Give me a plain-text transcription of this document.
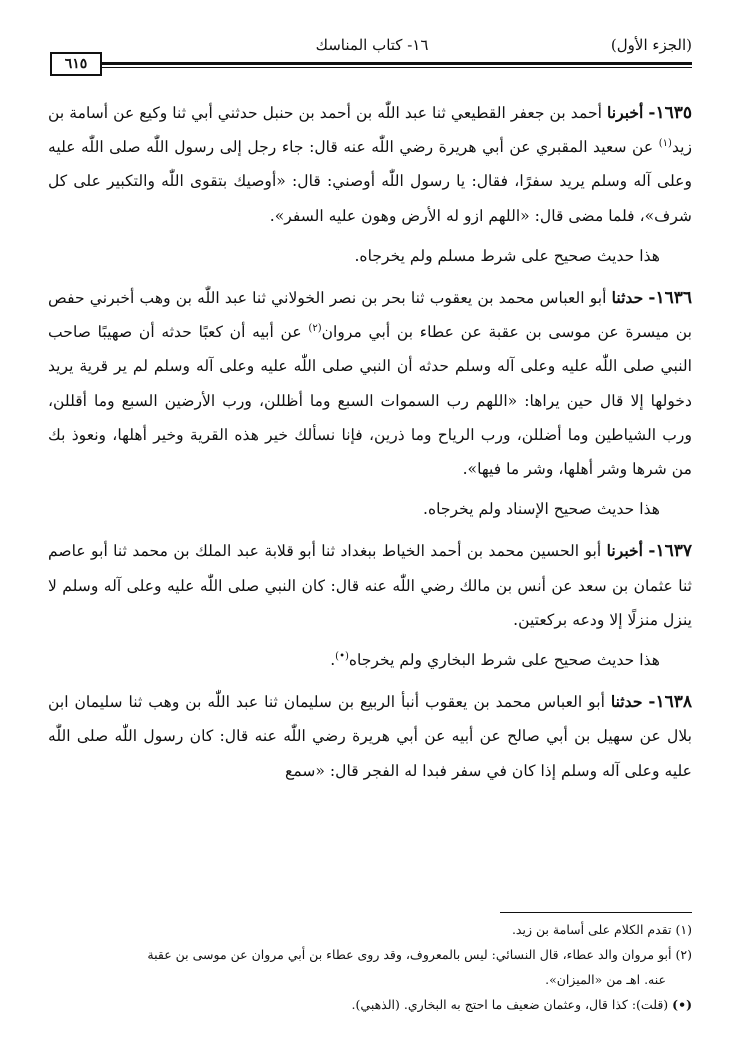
(الجزء الأول)
١٦- كتاب المناسك
٦١٥

١٦٣٥- أخبرنا أحمد بن جعفر القطيعي ثنا عبد اللّٰه بن أحمد بن حنبل حدثني أبي ثنا وكيع عن أسامة بن زيد$^{(١)}$ عن سعيد المقبري عن أبي هريرة رضي اللّٰه عنه قال: جاء رجل إلى رسول اللّٰه صلى اللّٰه عليه وعلى آله وسلم يريد سفرًا، فقال: يا رسول اللّٰه أوصني: قال: «أوصيك بتقوى اللّٰه والتكبير على كل شرف»، فلما مضى قال: «اللهم ازو له الأرض وهون عليه السفر».

هذا حديث صحيح على شرط مسلم ولم يخرجاه.

١٦٣٦- حدثنا أبو العباس محمد بن يعقوب ثنا بحر بن نصر الخولاني ثنا عبد اللّٰه بن وهب أخبرني حفص بن ميسرة عن موسى بن عقبة عن عطاء بن أبي مروان$^{(٢)}$ عن أبيه أن كعبًا حدثه أن صهيبًا صاحب النبي صلى اللّٰه عليه وعلى آله وسلم حدثه أن النبي صلى اللّٰه عليه وعلى آله وسلم لم ير قرية يريد دخولها إلا قال حين يراها: «اللهم رب السموات السبع وما أظللن، ورب الأرضين السبع وما أقللن، ورب الشياطين وما أضللن، ورب الرياح وما ذرين، فإنا نسألك خير هذه القرية وخير أهلها، ونعوذ بك من شرها وشر أهلها، وشر ما فيها».

هذا حديث صحيح الإسناد ولم يخرجاه.

١٦٣٧- أخبرنا أبو الحسين محمد بن أحمد الخياط ببغداد ثنا أبو قلابة عبد الملك بن محمد ثنا أبو عاصم ثنا عثمان بن سعد عن أنس بن مالك رضي اللّٰه عنه قال: كان النبي صلى اللّٰه عليه وعلى آله وسلم لا ينزل منزلًا إلا ودعه بركعتين.

هذا حديث صحيح على شرط البخاري ولم يخرجاه(•).

١٦٣٨- حدثنا أبو العباس محمد بن يعقوب أنبأ الربيع بن سليمان ثنا عبد اللّٰه بن وهب ثنا سليمان ابن بلال عن سهيل بن أبي صالح عن أبيه عن أبي هريرة رضي اللّٰه عنه قال: كان رسول اللّٰه صلى اللّٰه عليه وعلى آله وسلم إذا كان في سفر فبدا له الفجر قال: «سمع

(١) تقدم الكلام على أسامة بن زيد.

(٢) أبو مروان والد عطاء، قال النسائي: ليس بالمعروف، وقد روى عطاء بن أبي مروان عن موسى بن عقبة

عنه. اهـ من «الميزان».

(•) (قلت): كذا قال، وعثمان ضعيف ما احتج به البخاري. (الذهبي).
